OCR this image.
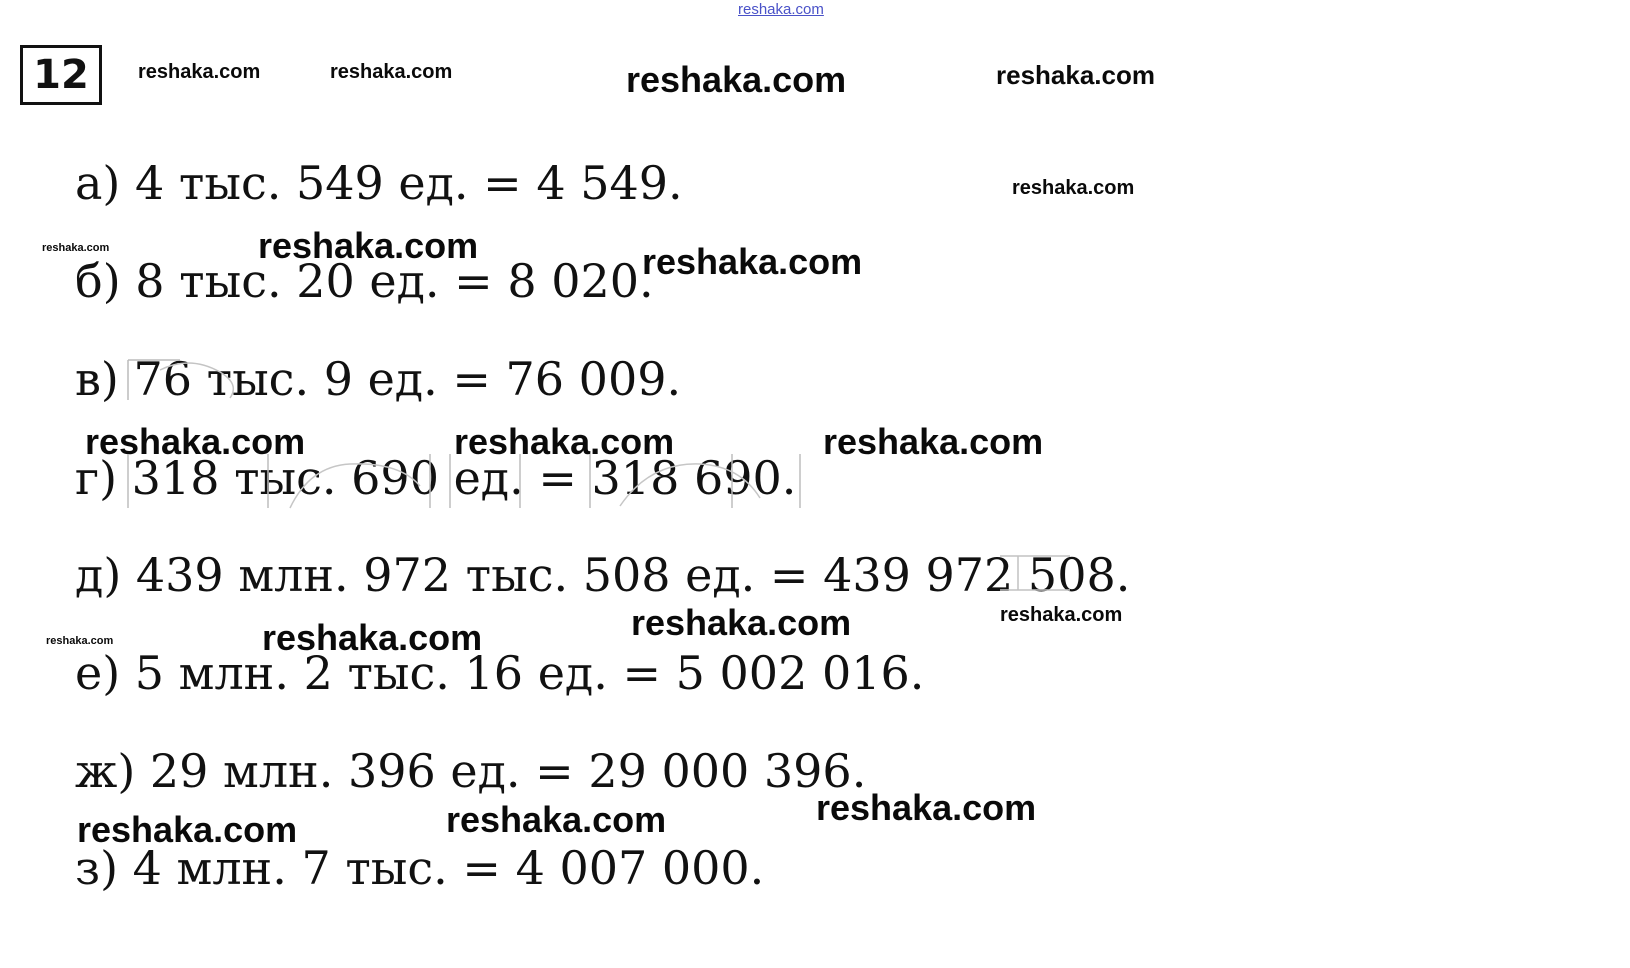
reshaka.com
12	reshaka.com	reshaka.com	reshaka.com	reshaka.com
а) 4 тыс. 549 ед. = 4 549.	reshaka.com
reshaka.com
б) 8 тыс. 20 ед. = 8 020.
reshaka.com	reshaka.com
в) 76 тыс. 9 ед. = 76 009.
reshaka.com	reshaka.com	reshaka.com
г) 318 тыс. 690 ед. = 318 690.
д) 439 млн. 972 тыс. 508 ед. = 439 972 508.
reshaka.com
reshaka.com	reshaka.com	reshaka.com
е) 5 млн. 2 тыс. 16 ед. = 5 002 016.
ж) 29 млн. 396 ед. = 29 000 396.
reshaka.com
reshaka.com	reshaka.com
з) 4 млн. 7 тыс. = 4 007 000.
